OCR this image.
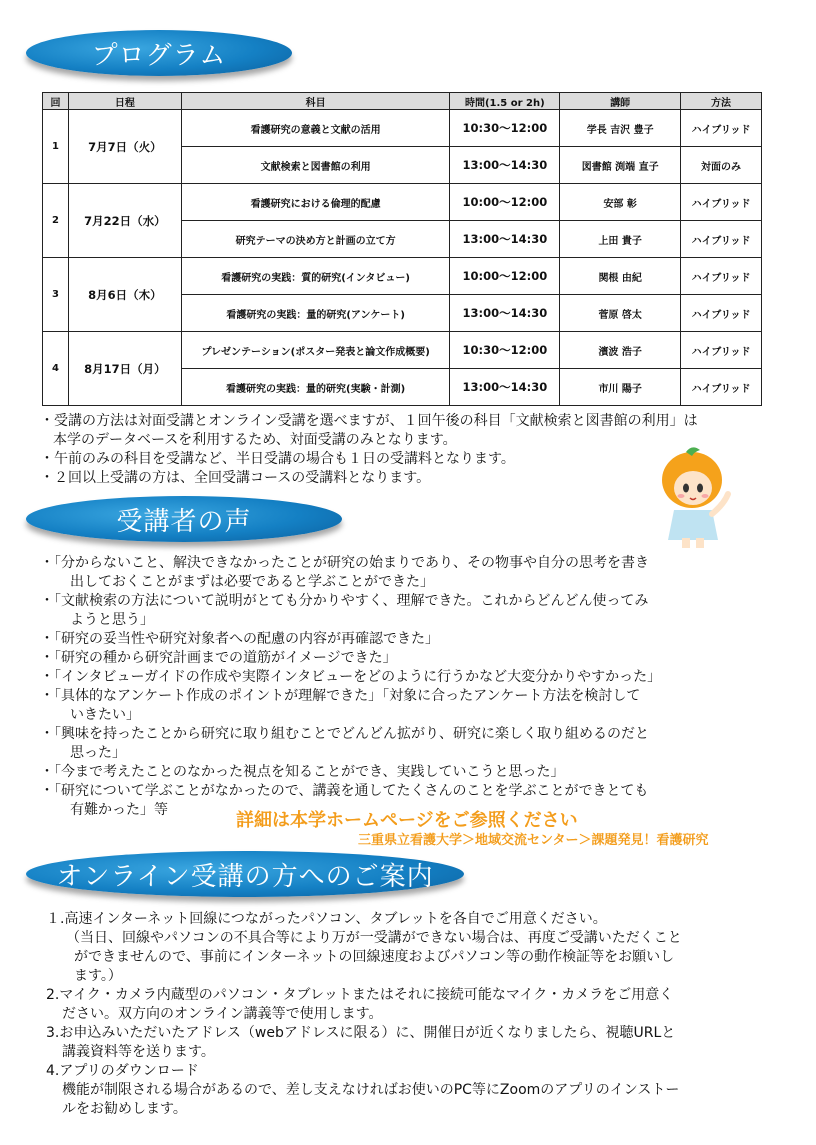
プログラム
回	日程	科目	時間(1.5 or 2h)	講師	方法
1	7月7日（火）	看護研究の意義と文献の活用	10:30～12:00	学長 吉沢 豊子	ハイブリッド
		文献検索と図書館の利用	13:00～14:30	図書館 渕端 直子	対面のみ
2	7月22日（水）	看護研究における倫理的配慮	10:00～12:00	安部 彰	ハイブリッド
		研究テーマの決め方と計画の立て方	13:00～14:30	上田 貴子	ハイブリッド
3	8月6日（木）	看護研究の実践：質的研究(インタビュー)	10:00～12:00	関根 由紀	ハイブリッド
		看護研究の実践：量的研究(アンケート)	13:00～14:30	菅原 啓太	ハイブリッド
4	8月17日（月）	プレゼンテーション(ポスター発表と論文作成概要)	10:30～12:00	濱波 浩子	ハイブリッド
		看護研究の実践：量的研究(実験・計測)	13:00～14:30	市川 陽子	ハイブリッド

・受講の方法は対面受講とオンライン受講を選べますが、１回午後の科目「文献検索と図書館の利用」は

本学のデータベースを利用するため、対面受講のみとなります。

・午前のみの科目を受講など、半日受講の場合も１日の受講料となります。

・２回以上受講の方は、全回受講コースの受講料となります。

受講者の声

・「分からないこと、解決できなかったことが研究の始まりであり、その物事や自分の思考を書き

出しておくことがまずは必要であると学ぶことができた」

・「文献検索の方法について説明がとても分かりやすく、理解できた。これからどんどん使ってみ

ようと思う」

・「研究の妥当性や研究対象者への配慮の内容が再確認できた」

・「研究の種から研究計画までの道筋がイメージできた」

・「インタビューガイドの作成や実際インタビューをどのように行うかなど大変分かりやすかった」

・「具体的なアンケート作成のポイントが理解できた」「対象に合ったアンケート方法を検討して

いきたい」

・「興味を持ったことから研究に取り組むことでどんどん拡がり、研究に楽しく取り組めるのだと

思った」

・「今まで考えたことのなかった視点を知ることができ、実践していこうと思った」

・「研究について学ぶことがなかったので、講義を通してたくさんのことを学ぶことができとても

有難かった」等	詳細は本学ホームページをご参照ください
三重県立看護大学＞地域交流センター＞課題発見！看護研究
オンライン受講の方へのご案内

１.高速インターネット回線につながったパソコン、タブレットを各自でご用意ください。

（当日、回線やパソコンの不具合等により万が一受講ができない場合は、再度ご受講いただくこと

ができませんので、事前にインターネットの回線速度およびパソコン等の動作検証等をお願いし

ます。）

2.マイク・カメラ内蔵型のパソコン・タブレットまたはそれに接続可能なマイク・カメラをご用意く

ださい。双方向のオンライン講義等で使用します。

3.お申込みいただいたアドレス（webアドレスに限る）に、開催日が近くなりましたら、視聴URLと

講義資料等を送ります。

4.アプリのダウンロード

機能が制限される場合があるので、差し支えなければお使いのPC等にZoomのアプリのインストー

ルをお勧めします。
